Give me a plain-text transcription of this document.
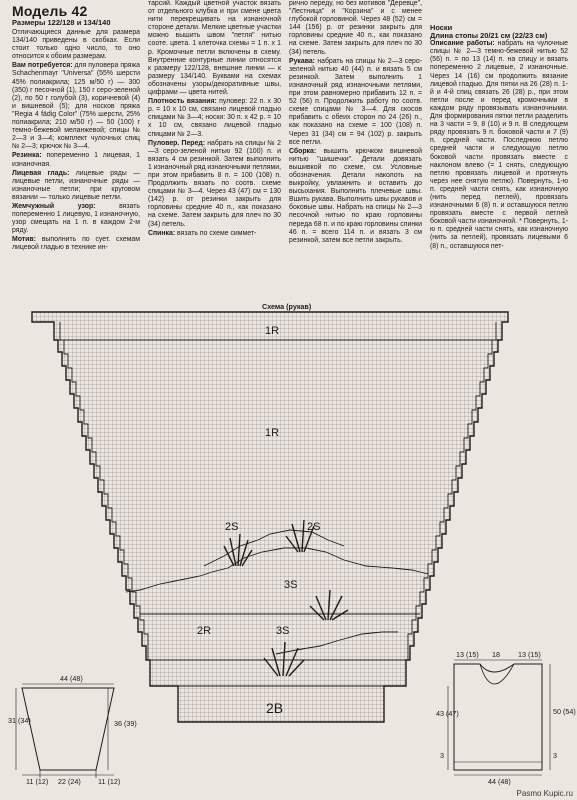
Модель 42
Размеры 122/128 и 134/140

Отличающиеся данные для размера 134/140 приведены в скобках. Если стоит только одно число, то оно относится к обоим размерам.

Вам потребуется: для пуловера пряжа Schachenmayr "Universa" (55% шерсти 45% полиакрила; 125 м/50 г) — 300 (350) г песочной (1), 150 г серо-зеленой (2), по 50 г голубой (3), коричневой (4) и вишневой (5); для носков пряжа "Regia 4 fädig Color" (75% шерсти, 25% полиакрила; 210 м/50 г) — 50 (100) г темно-бежевой меланжевой; спицы № 2—3 и 3—4; комплект чулочных спиц № 2—3; крючок № 3—4.

Резинка: попеременно 1 лицевая, 1 изнаночная.

Лицевая гладь: лицевые ряды — лицевые петли, изнаночные ряды — изнаночные петли; при круговом вязании — только лицевые петли.

Жемчужный узор: вязать попеременно 1 лицевую, 1 изнаночную, узор смещать на 1 п. в каждом 2-м ряду.

Мотив: выполнить по сует. схемам лицевой гладью в технике ин-

тарсий. Каждый цветной участок вязать от отдельного клубка и при смене цвета нити перекрещивать на изнаночной стороне детали. Мелкие цветные участки можно вышить швом "петля" нитью сооте. цвета. 1 клеточка схемы = 1 п. х 1 р. Кромочные петли включены в схему. Внутренние контурные линии относятся к размеру 122/128, внешние линии — к размеру 134/140. Буквами на схемах обозначены узоры/декоративные швы, цифрами — цвета нитей.

Плотность вязания: пуловер: 22 п. х 30 р. = 10 х 10 см, связано лицевой гладью спицами № 3—4; носки: 30 п. х 42 р. = 10 х 10 см, связано лицевой гладью спицами № 2—3.

Пуловер. Перед: набрать на спицы № 2—3 серо-зеленой нитью 92 (100) п. и вязать 4 см резинкой. Затем выполнить 1 изнаночный ряд изнаночными петлями, при этом прибавить 8 п. = 100 (108) п. Продолжить вязать по соотв. схеме спицами № 3—4. Через 43 (47) см = 130 (142) р. от резинки закрыть для горловины средние 40 п., как показано на схеме. Затем закрыть для плеч по 30 (34) петель.

Спинка: вязать по схеме симмет-

рично переду, но без мотивов "Деревце", "Лестница" и "Корзина" и с менее глубокой горловиной. Через 48 (52) см = 144 (156) р. от резинки закрыть для горловины средние 40 п., как показано на схеме. Затем закрыть для плеч по 30 (34) петель.

Рукава: набрать на спицы № 2—3 серо-зеленой нитью 40 (44) п. и вязать 5 см резинкой. Затем выполнить 1 изнаночный ряд изнаночными петлями, при этом равномерно прибавить 12 п. = 52 (56) п. Продолжить работу по соотв. схеме спицами № 3—4. Для скосов прибавить с обеих сторон по 24 (26) п., как показано на схеме = 100 (108) п. Через 31 (34) см = 94 (102) р. закрыть все петли.

Сборка: вышить крючком вишневой нитью "шишечки". Детали довязать вышивкой по схеме, см. Условные обозначения. Детали наколоть на выкройку, увлажнить и оставить до высыхания. Выполнить плечевые швы. Вшить рукава. Выполнить швы рукавов и боковые швы. Набрать на спицы № 2—3 песочной нитью по краю горловины переда 68 п. и по краю горловины спинки 46 п. = всего 114 п. и вязать 3 см резинкой, затем все петли закрыть.

Носки
Длина стопы 20/21 см (22/23 см)

Описание работы: набрать на чулочные спицы № 2—3 темно-бежевой нитью 52 (56) п. = по 13 (14) п. на спицу и вязать попеременно 2 лицевые, 2 изнаночные. Через 14 (16) см продолжить вязание лицевой гладью. Для пятки на 26 (28) п. 1-й и 4-й спиц связать 26 (28) р., при этом петли после и перед кромочными в каждом ряду провязывать изнаночными. Для формирования пятки петли разделить на 3 части = 9, 8 (10) и 9 п. В следующем ряду провязать 9 п. боковой части и 7 (9) п. средней части. Последнюю петлю средней части и следующую петлю боковой части провязать вместе с наклоном влево (= 1 снять, следующую петлю провязать лицевой и протянуть через нее снятую петлю). Повернуть, 1-ю п. средней части снять, как изнаночную (нить перед петлей), провязать изнаночными 6 (8) п. и оставшуюся петлю провязать вместе с первой петлей боковой части изнаночной. * Повернуть, 1-ю п. средней части снять, как изнаночную (нить за петлей), провязать лицевыми 6 (8) п., оставшуюся пет-

Схема (рукав)
1R
1R
2S	2S
3S
3S
2R
2B
44 (48)
31 (34)	36 (39)
11 (12) 22 (24) 11 (12)
13 (15) 18	13 (15)
43 (47)	50 (54)
3	3
44 (48)
Pasmo Kupic.ru
